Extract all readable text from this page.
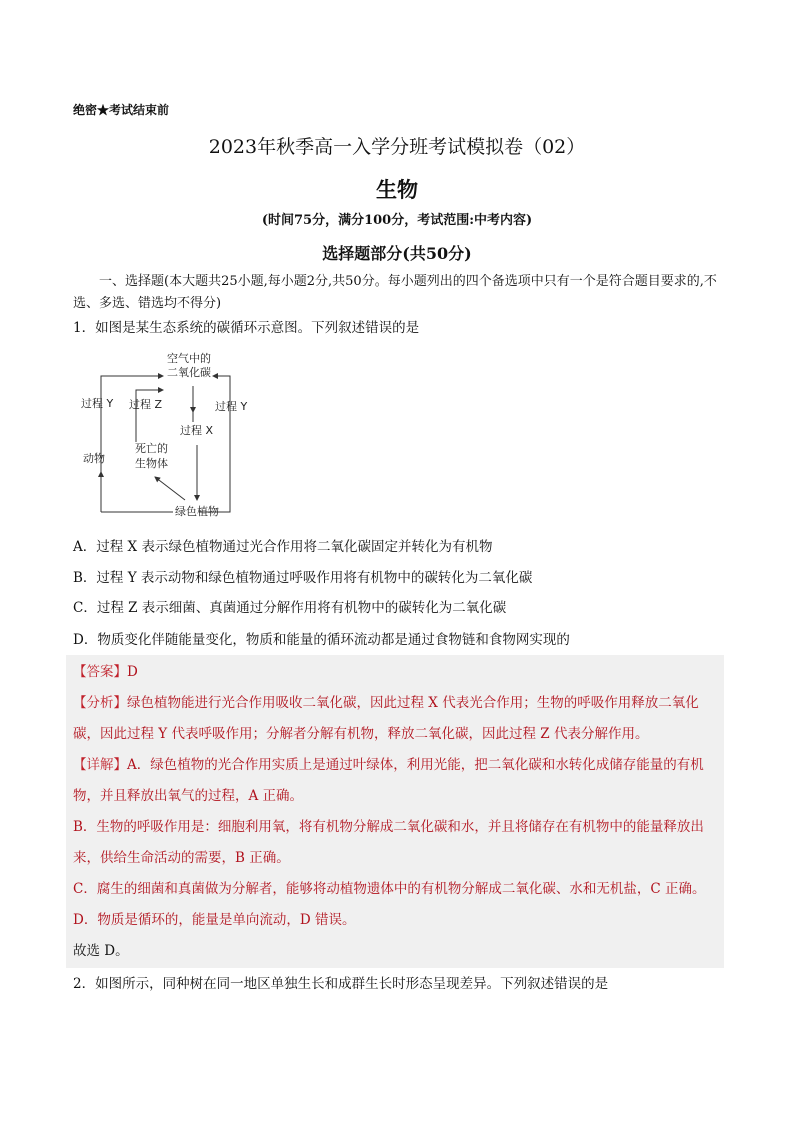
绝密★考试结束前
2023年秋季高一入学分班考试模拟卷（02）
生物
(时间75分，满分100分，考试范围:中考内容)
选择题部分(共50分)
一、选择题(本大题共25小题,每小题2分,共50分。每小题列出的四个备选项中只有一个是符合题目要求的,不选、多选、错选均不得分)
1．如图是某生态系统的碳循环示意图。下列叙述错误的是
空气中的
二氧化碳
过程 Y 过程 Z	过程 Y
过程 X
死亡的
生物体
动物
绿色植物
A．过程 X 表示绿色植物通过光合作用将二氧化碳固定并转化为有机物
B．过程 Y 表示动物和绿色植物通过呼吸作用将有机物中的碳转化为二氧化碳
C．过程 Z 表示细菌、真菌通过分解作用将有机物中的碳转化为二氧化碳
D．物质变化伴随能量变化，物质和能量的循环流动都是通过食物链和食物网实现的

【答案】D

【分析】绿色植物能进行光合作用吸收二氧化碳，因此过程 X 代表光合作用；生物的呼吸作用释放二氧化碳，因此过程 Y 代表呼吸作用；分解者分解有机物，释放二氧化碳，因此过程 Z 代表分解作用。

【详解】A．绿色植物的光合作用实质上是通过叶绿体，利用光能，把二氧化碳和水转化成储存能量的有机物，并且释放出氧气的过程，A 正确。

B．生物的呼吸作用是：细胞利用氧，将有机物分解成二氧化碳和水，并且将储存在有机物中的能量释放出来，供给生命活动的需要，B 正确。

C．腐生的细菌和真菌做为分解者，能够将动植物遗体中的有机物分解成二氧化碳、水和无机盐，C 正确。

D．物质是循环的，能量是单向流动，D 错误。

故选 D。

2．如图所示，同种树在同一地区单独生长和成群生长时形态呈现差异。下列叙述错误的是
